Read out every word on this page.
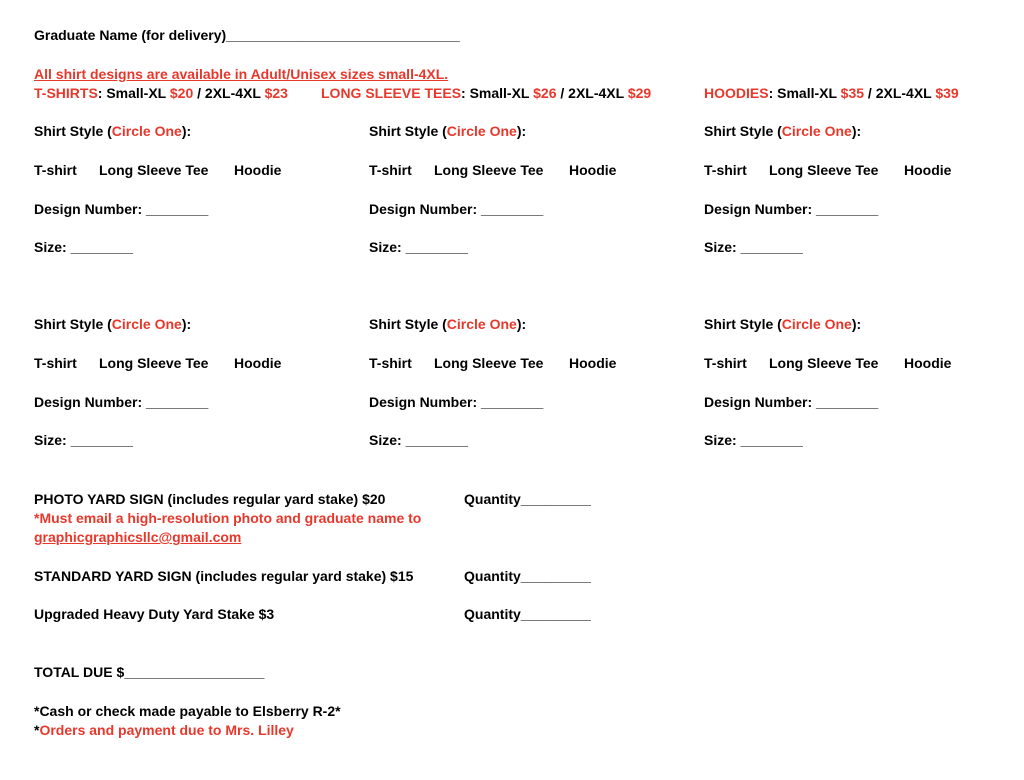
Graduate Name (for delivery)______________________________
All shirt designs are available in Adult/Unisex sizes small-4XL.
T-SHIRTS: Small-XL $20 / 2XL-4XL $23 LONG SLEEVE TEES: Small-XL $26 / 2XL-4XL $29	HOODIES: Small-XL $35 / 2XL-4XL $39
Shirt Style (Circle One):
T-shirt Long Sleeve Tee Hoodie
Design Number: ________
Size: ________
Shirt Style (Circle One):
T-shirt Long Sleeve Tee Hoodie
Design Number: ________
Size: ________
Shirt Style (Circle One):
T-shirt Long Sleeve Tee Hoodie
Design Number: ________
Size: ________
Shirt Style (Circle One):
T-shirt Long Sleeve Tee Hoodie
Design Number: ________
Size: ________
Shirt Style (Circle One):
T-shirt Long Sleeve Tee Hoodie
Design Number: ________
Size: ________
Shirt Style (Circle One):
T-shirt Long Sleeve Tee Hoodie
Design Number: ________
Size: ________
PHOTO YARD SIGN (includes regular yard stake) $20	Quantity_________
*Must email a high-resolution photo and graduate name to
graphicgraphicsllc@gmail.com
STANDARD YARD SIGN (includes regular yard stake) $15	Quantity_________
Upgraded Heavy Duty Yard Stake $3	Quantity_________
TOTAL DUE $__________________
*Cash or check made payable to Elsberry R-2*
*Orders and payment due to Mrs. Lilley
